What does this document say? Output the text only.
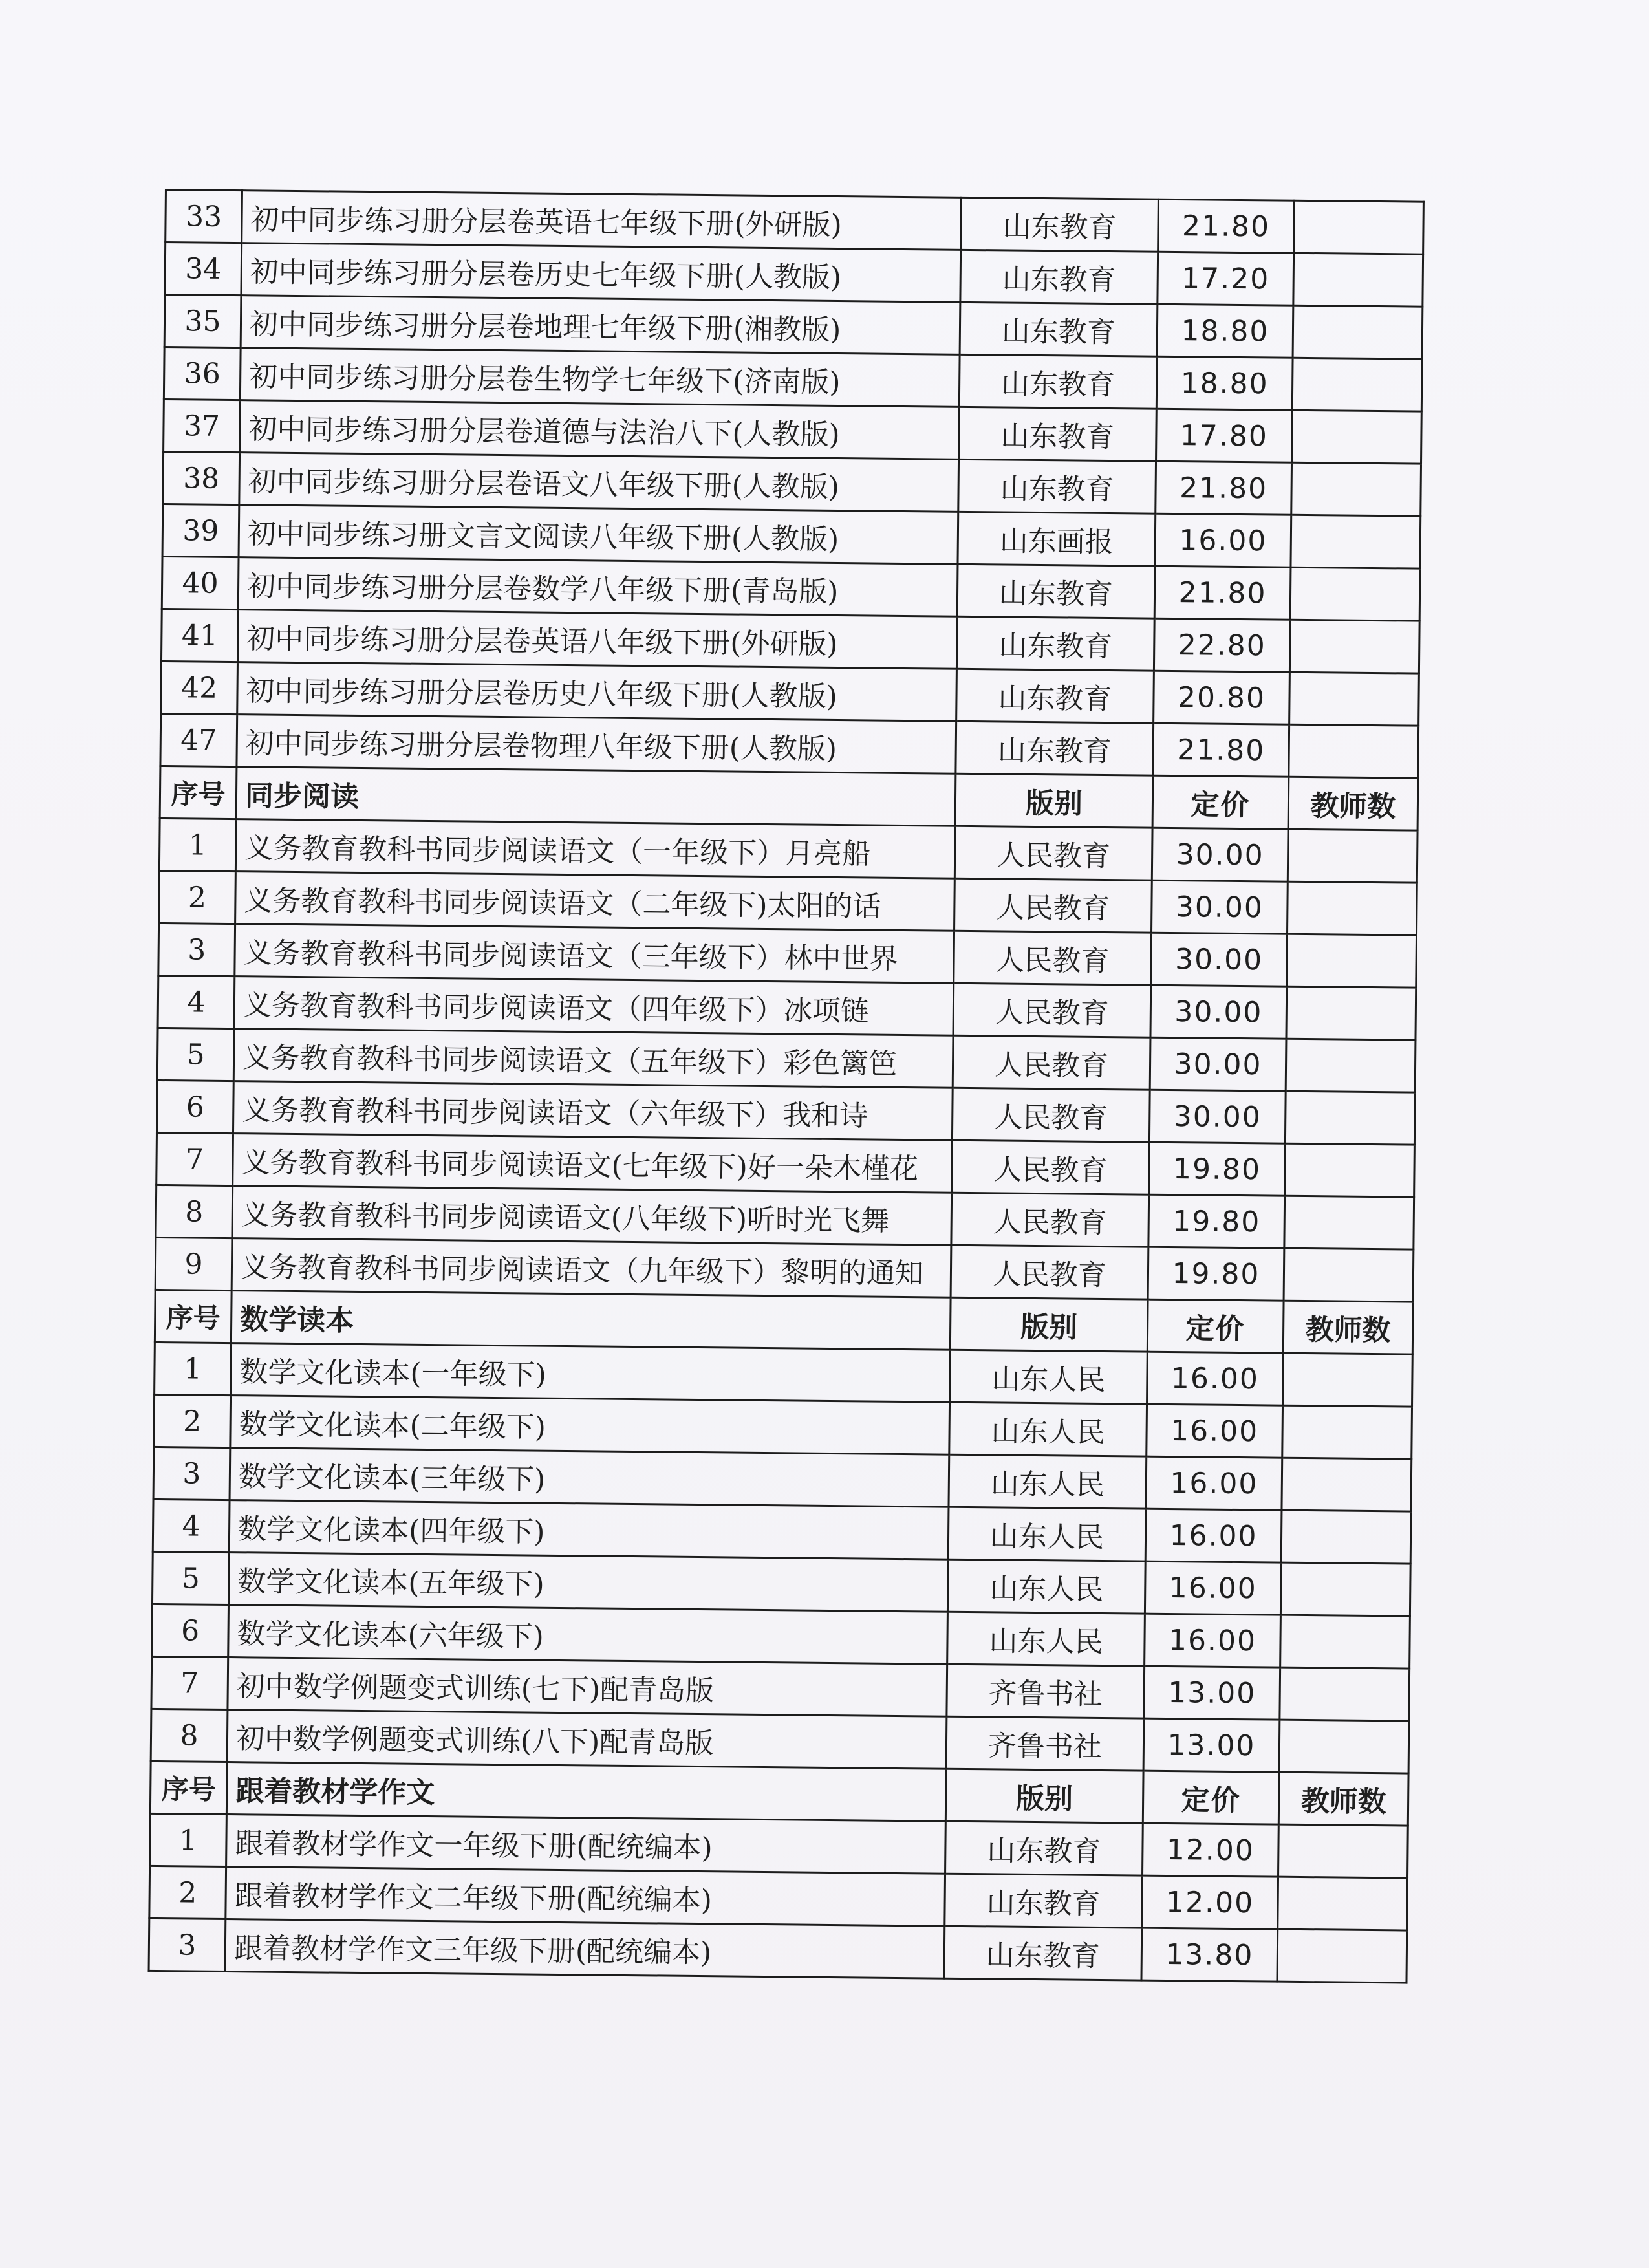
33	初中同步练习册分层卷英语七年级下册(外研版)	山东教育	21.80	
34	初中同步练习册分层卷历史七年级下册(人教版)	山东教育	17.20	
35	初中同步练习册分层卷地理七年级下册(湘教版)	山东教育	18.80	
36	初中同步练习册分层卷生物学七年级下(济南版)	山东教育	18.80	
37	初中同步练习册分层卷道德与法治八下(人教版)	山东教育	17.80	
38	初中同步练习册分层卷语文八年级下册(人教版)	山东教育	21.80	
39	初中同步练习册文言文阅读八年级下册(人教版)	山东画报	16.00	
40	初中同步练习册分层卷数学八年级下册(青岛版)	山东教育	21.80	
41	初中同步练习册分层卷英语八年级下册(外研版)	山东教育	22.80	
42	初中同步练习册分层卷历史八年级下册(人教版)	山东教育	20.80	
47	初中同步练习册分层卷物理八年级下册(人教版)	山东教育	21.80	
序号	同步阅读	版别	定价	教师数
1	义务教育教科书同步阅读语文（一年级下）月亮船	人民教育	30.00	
2	义务教育教科书同步阅读语文（二年级下)太阳的话	人民教育	30.00	
3	义务教育教科书同步阅读语文（三年级下）林中世界	人民教育	30.00	
4	义务教育教科书同步阅读语文（四年级下）冰项链	人民教育	30.00	
5	义务教育教科书同步阅读语文（五年级下）彩色篱笆	人民教育	30.00	
6	义务教育教科书同步阅读语文（六年级下）我和诗	人民教育	30.00	
7	义务教育教科书同步阅读语文(七年级下)好一朵木槿花	人民教育	19.80	
8	义务教育教科书同步阅读语文(八年级下)听时光飞舞	人民教育	19.80	
9	义务教育教科书同步阅读语文（九年级下）黎明的通知	人民教育	19.80	
序号	数学读本	版别	定价	教师数
1	数学文化读本(一年级下)	山东人民	16.00	
2	数学文化读本(二年级下)	山东人民	16.00	
3	数学文化读本(三年级下)	山东人民	16.00	
4	数学文化读本(四年级下)	山东人民	16.00	
5	数学文化读本(五年级下)	山东人民	16.00	
6	数学文化读本(六年级下)	山东人民	16.00	
7	初中数学例题变式训练(七下)配青岛版	齐鲁书社	13.00	
8	初中数学例题变式训练(八下)配青岛版	齐鲁书社	13.00	
序号	跟着教材学作文	版别	定价	教师数
1	跟着教材学作文一年级下册(配统编本)	山东教育	12.00	
2	跟着教材学作文二年级下册(配统编本)	山东教育	12.00	
3	跟着教材学作文三年级下册(配统编本)	山东教育	13.80	
